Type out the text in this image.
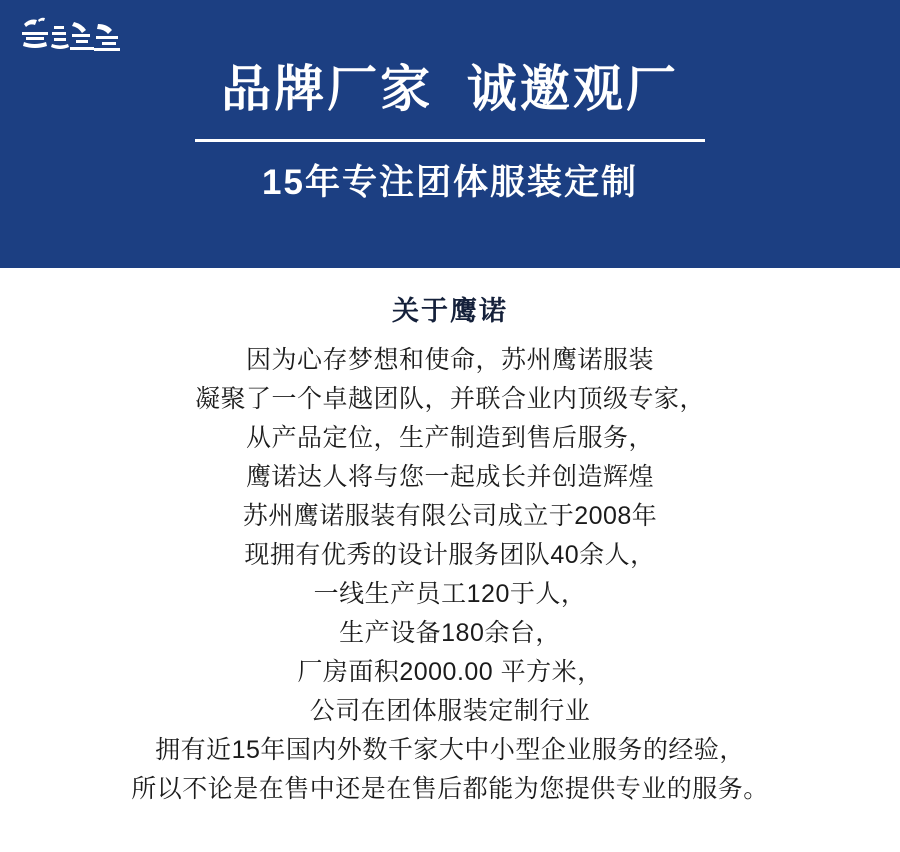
品牌厂家  诚邀观厂
15年专注团体服装定制
关于鹰诺
因为心存梦想和使命，苏州鹰诺服装
凝聚了一个卓越团队，并联合业内顶级专家，
从产品定位，生产制造到售后服务，
鹰诺达人将与您一起成长并创造辉煌
苏州鹰诺服装有限公司成立于2008年
现拥有优秀的设计服务团队40余人，
一线生产员工120于人，
生产设备180余台，
厂房面积2000.00 平方米，
公司在团体服装定制行业
拥有近15年国内外数千家大中小型企业服务的经验，
所以不论是在售中还是在售后都能为您提供专业的服务。
